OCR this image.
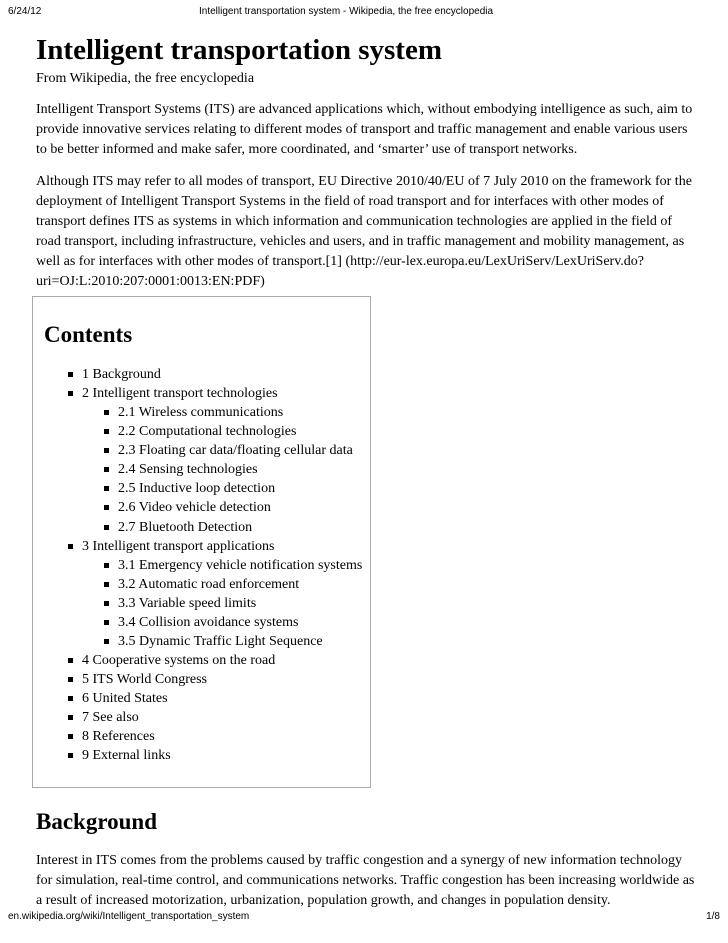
6/24/12	Intelligent transportation system - Wikipedia, the free encyclopedia
Intelligent transportation system
From Wikipedia, the free encyclopedia

Intelligent Transport Systems (ITS) are advanced applications which, without embodying intelligence as such, aim to provide innovative services relating to different modes of transport and traffic management and enable various users to be better informed and make safer, more coordinated, and ‘smarter’ use of transport networks.

Although ITS may refer to all modes of transport, EU Directive 2010/40/EU of 7 July 2010 on the framework for the deployment of Intelligent Transport Systems in the field of road transport and for interfaces with other modes of transport defines ITS as systems in which information and communication technologies are applied in the field of road transport, including infrastructure, vehicles and users, and in traffic management and mobility management, as well as for interfaces with other modes of transport.[1] (http://eur-lex.europa.eu/LexUriServ/LexUriServ.do?uri=OJ:L:2010:207:0001:0013:EN:PDF)

Contents
1 Background
2 Intelligent transport technologies
2.1 Wireless communications
2.2 Computational technologies
2.3 Floating car data/floating cellular data
2.4 Sensing technologies
2.5 Inductive loop detection
2.6 Video vehicle detection
2.7 Bluetooth Detection
3 Intelligent transport applications
3.1 Emergency vehicle notification systems
3.2 Automatic road enforcement
3.3 Variable speed limits
3.4 Collision avoidance systems
3.5 Dynamic Traffic Light Sequence
4 Cooperative systems on the road
5 ITS World Congress
6 United States
7 See also
8 References
9 External links
Background

Interest in ITS comes from the problems caused by traffic congestion and a synergy of new information technology for simulation, real-time control, and communications networks. Traffic congestion has been increasing worldwide as a result of increased motorization, urbanization, population growth, and changes in population density.

en.wikipedia.org/wiki/Intelligent_transportation_system	1/8
